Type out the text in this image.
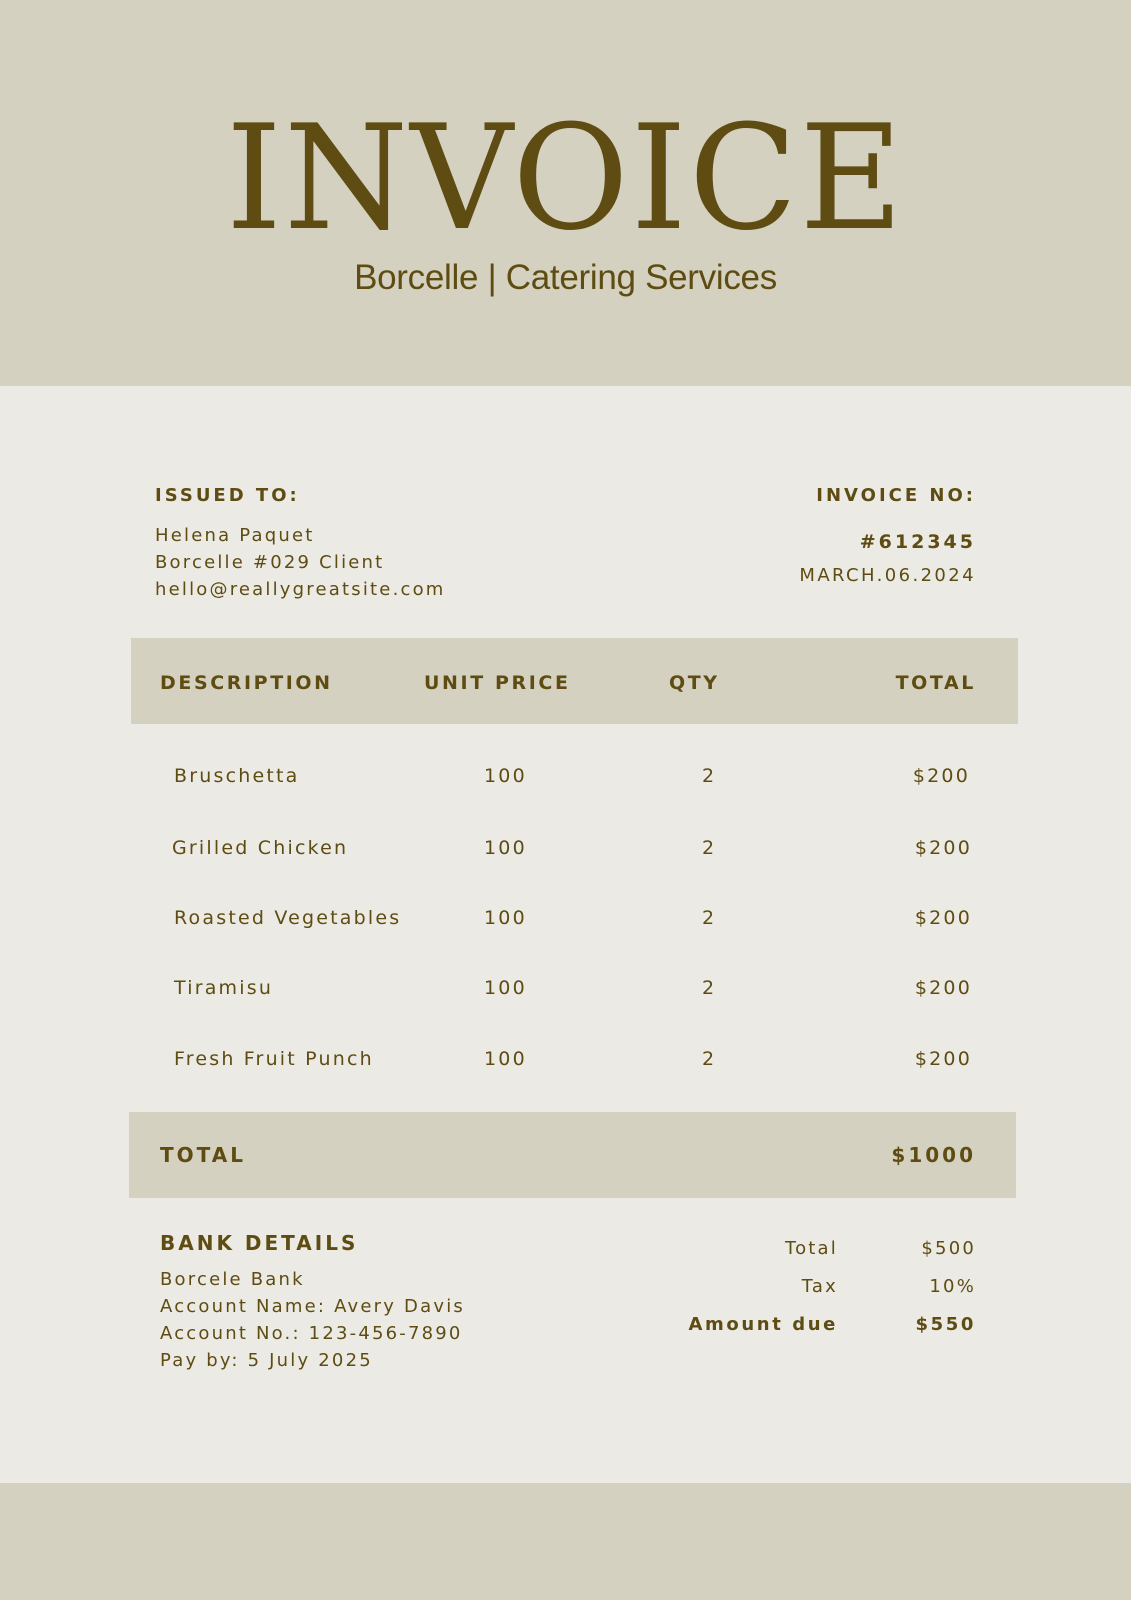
INVOICE
Borcelle | Catering Services
ISSUED TO:
Helena Paquet
Borcelle #029 Client
hello@reallygreatsite.com
INVOICE NO:
#612345
MARCH.06.2024
DESCRIPTION	UNIT PRICE	QTY	TOTAL
Bruschetta	100	2	$200
Grilled Chicken	100	2	$200
Roasted Vegetables	100	2	$200
Tiramisu	100	2	$200
Fresh Fruit Punch	100	2	$200
TOTAL	$1000
BANK DETAILS
Borcele Bank
Account Name: Avery Davis
Account No.: 123-456-7890
Pay by: 5 July 2025
Total	$500
Tax	10%
Amount due	$550
